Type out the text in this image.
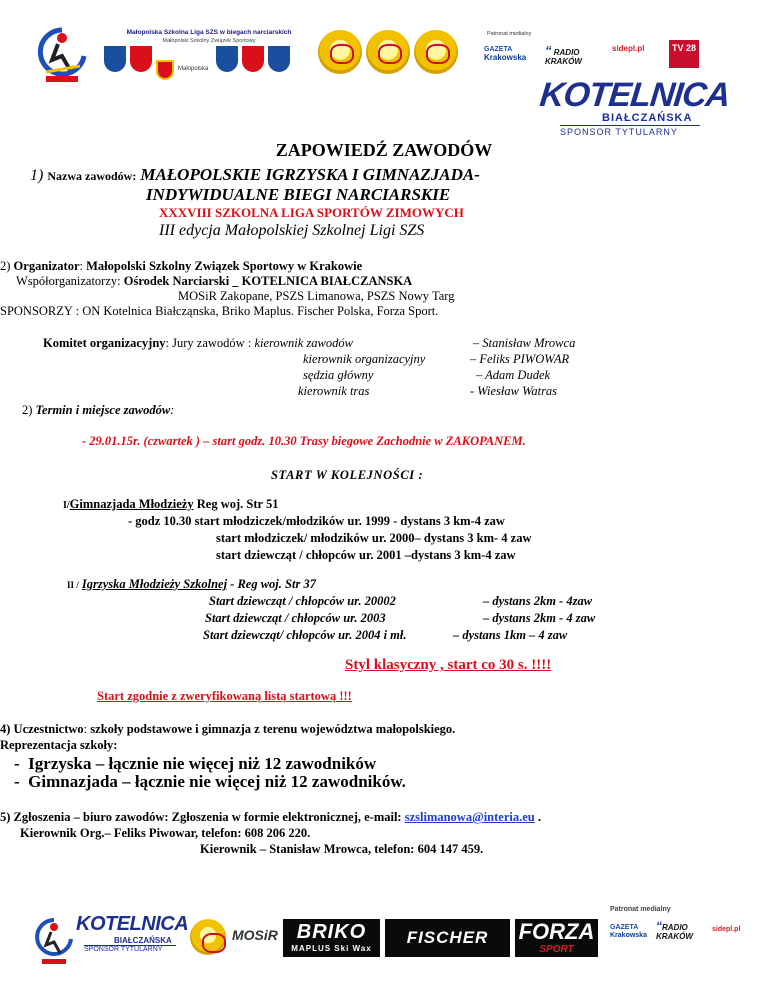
Małopolska Szkolna Liga SZS w biegach narciarskich
Małopolski Szkolny Związek Sportowy
Małopolska
Patronat medialny
GAZETA
Krakowska “ RADIO
KRAKÓW
sidepl.pl	TV 28
KOTELNICA
BIAŁCZAŃSKA
SPONSOR TYTULARNY
ZAPOWIEDŹ ZAWODÓW
1) Nazwa zawodów: MAŁOPOLSKIE IGRZYSKA I GIMNAZJADA-
INDYWIDUALNE BIEGI NARCIARSKIE
XXXVIII SZKOLNA LIGA SPORTÓW ZIMOWYCH
III edycja Małopolskiej Szkolnej Ligi SZS
2) Organizator: Małopolski Szkolny Związek Sportowy w Krakowie
Współorganizatorzy: Ośrodek Narciarski _ KOTELNICA BIAŁCZANSKA
MOSiR Zakopane, PSZS Limanowa, PSZS Nowy Targ
SPONSORZY : ON Kotelnica Białcząnska, Briko Maplus. Fischer Polska, Forza Sport.
Komitet organizacyjny: Jury zawodów : kierownik zawodów	– Stanisław Mrowca
kierownik organizacyjny	– Feliks PIWOWAR
sędzia główny	– Adam Dudek
kierownik tras	- Wiesław Watras
2) Termin i miejsce zawodów:
- 29.01.15r. (czwartek ) – start godz. 10.30 Trasy biegowe Zachodnie w ZAKOPANEM.
START W KOLEJNOŚCI :
I/Gimnazjada Młodzieży Reg woj. Str 51
- godz 10.30 start młodziczek/młodzików ur. 1999 - dystans 3 km-4 zaw
start młodziczek/ młodzików ur. 2000– dystans 3 km- 4 zaw
start dziewcząt / chłopców ur. 2001 –dystans 3 km-4 zaw
II / Igrzyska Młodzieży Szkolnej - Reg woj. Str 37
Start dziewcząt / chłopców ur. 20002	– dystans 2km - 4zaw
Start dziewcząt / chłopców ur. 2003	– dystans 2km - 4 zaw
Start dziewcząt/ chłopców ur. 2004 i mł.	– dystans 1km – 4 zaw
Styl klasyczny , start co 30 s. !!!!
Start zgodnie z zweryfikowaną listą startową !!!
4) Uczestnictwo: szkoły podstawowe i gimnazja z terenu województwa małopolskiego.
Reprezentacja szkoły:
- Igrzyska – łącznie nie więcej niż 12 zawodników
- Gimnazjada – łącznie nie więcej niż 12 zawodników.
5) Zgłoszenia – biuro zawodów: Zgłoszenia w formie elektronicznej, e-mail: szslimanowa@interia.eu .
Kierownik Org.– Feliks Piwowar, telefon: 608 206 220.
Kierownik – Stanisław Mrowca, telefon: 604 147 459.
KOTELNICA
BIAŁCZAŃSKA
SPONSOR TYTULARNY
MOSiR BRIKO
MAPLUS Ski Wax
FISCHER	FORZA
SPORT
Patronat medialny
GAZETA
Krakowska
“RADIO
KRAKÓW
sidepl.pl
